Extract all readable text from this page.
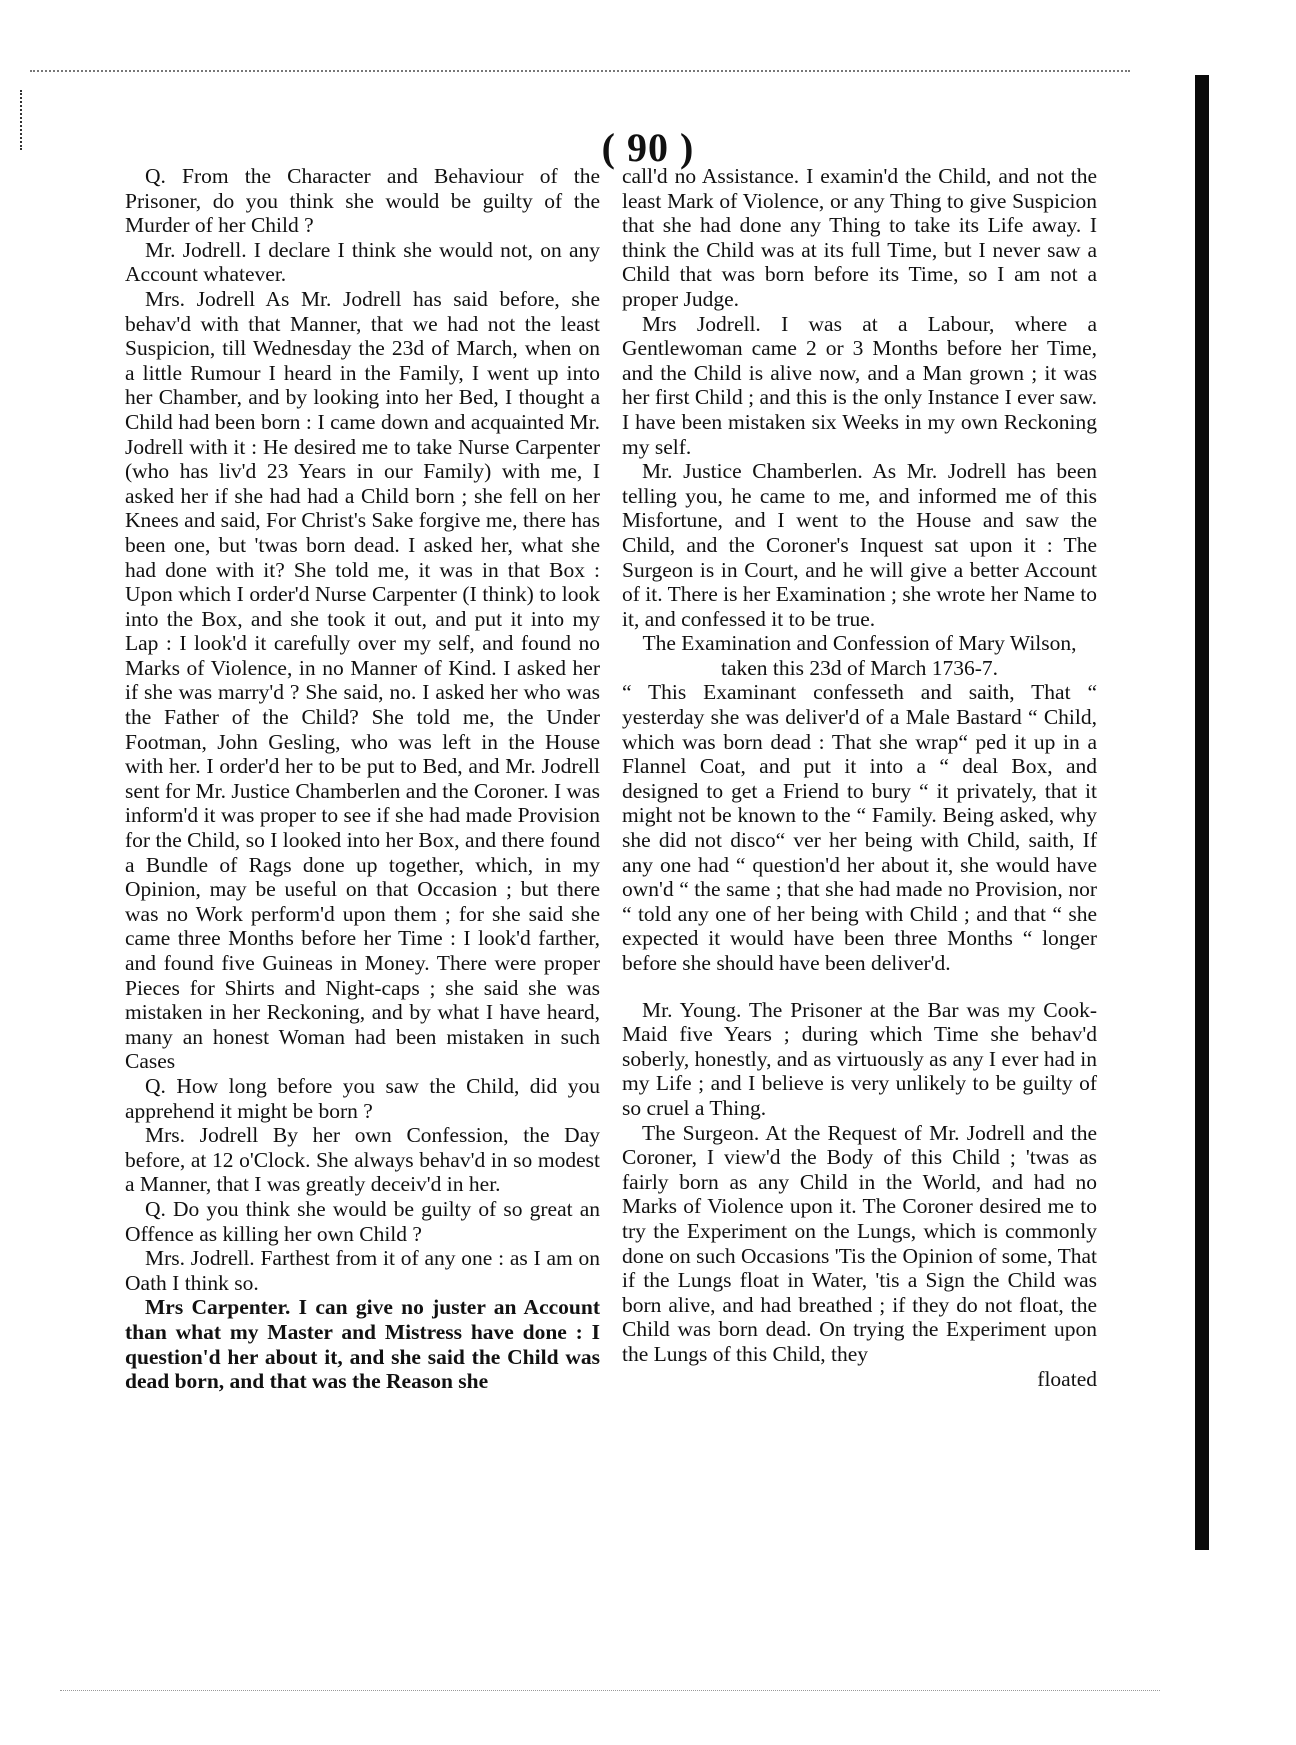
( 90 )

Q. From the Character and Behaviour of the Prisoner, do you think she would be guilty of the Murder of her Child ?

Mr. Jodrell. I declare I think she would not, on any Account whatever.

Mrs. Jodrell As Mr. Jodrell has said before, she behav'd with that Manner, that we had not the least Suspicion, till Wednesday the 23d of March, when on a little Rumour I heard in the Family, I went up into her Chamber, and by looking into her Bed, I thought a Child had been born : I came down and acquainted Mr. Jodrell with it : He desired me to take Nurse Carpenter (who has liv'd 23 Years in our Family) with me, I asked her if she had had a Child born ; she fell on her Knees and said, For Christ's Sake forgive me, there has been one, but 'twas born dead. I asked her, what she had done with it? She told me, it was in that Box : Upon which I order'd Nurse Carpenter (I think) to look into the Box, and she took it out, and put it into my Lap : I look'd it carefully over my self, and found no Marks of Violence, in no Manner of Kind. I asked her if she was marry'd ? She said, no. I asked her who was the Father of the Child? She told me, the Under Footman, John Gesling, who was left in the House with her. I order'd her to be put to Bed, and Mr. Jodrell sent for Mr. Justice Chamberlen and the Coroner. I was inform'd it was proper to see if she had made Provision for the Child, so I looked into her Box, and there found a Bundle of Rags done up together, which, in my Opinion, may be useful on that Occasion ; but there was no Work perform'd upon them ; for she said she came three Months before her Time : I look'd farther, and found five Guineas in Money. There were proper Pieces for Shirts and Night-caps ; she said she was mistaken in her Reckoning, and by what I have heard, many an honest Woman had been mistaken in such Cases

Q. How long before you saw the Child, did you apprehend it might be born ?

Mrs. Jodrell By her own Confession, the Day before, at 12 o'Clock. She always behav'd in so modest a Manner, that I was greatly deceiv'd in her.

Q. Do you think she would be guilty of so great an Offence as killing her own Child ?

Mrs. Jodrell. Farthest from it of any one : as I am on Oath I think so.

Mrs Carpenter. I can give no juster an Account than what my Master and Mistress have done : I question'd her about it, and she said the Child was dead born, and that was the Reason she

call'd no Assistance. I examin'd the Child, and not the least Mark of Violence, or any Thing to give Suspicion that she had done any Thing to take its Life away. I think the Child was at its full Time, but I never saw a Child that was born before its Time, so I am not a proper Judge.

Mrs Jodrell. I was at a Labour, where a Gentlewoman came 2 or 3 Months before her Time, and the Child is alive now, and a Man grown ; it was her first Child ; and this is the only Instance I ever saw. I have been mistaken six Weeks in my own Reckoning my self.

Mr. Justice Chamberlen. As Mr. Jodrell has been telling you, he came to me, and informed me of this Misfortune, and I went to the House and saw the Child, and the Coroner's Inquest sat upon it : The Surgeon is in Court, and he will give a better Account of it. There is her Examination ; she wrote her Name to it, and confessed it to be true.

The Examination and Confession of Mary Wilson, taken this 23d of March 1736-7.

“ This Examinant confesseth and saith, That “ yesterday she was deliver'd of a Male Bastard “ Child, which was born dead : That she wrap“ ped it up in a Flannel Coat, and put it into a “ deal Box, and designed to get a Friend to bury “ it privately, that it might not be known to the “ Family. Being asked, why she did not disco“ ver her being with Child, saith, If any one had “ question'd her about it, she would have own'd “ the same ; that she had made no Provision, nor “ told any one of her being with Child ; and that “ she expected it would have been three Months “ longer before she should have been deliver'd.

Mr. Young. The Prisoner at the Bar was my Cook-Maid five Years ; during which Time she behav'd soberly, honestly, and as virtuously as any I ever had in my Life ; and I believe is very unlikely to be guilty of so cruel a Thing.

The Surgeon. At the Request of Mr. Jodrell and the Coroner, I view'd the Body of this Child ; 'twas as fairly born as any Child in the World, and had no Marks of Violence upon it. The Coroner desired me to try the Experiment on the Lungs, which is commonly done on such Occasions 'Tis the Opinion of some, That if the Lungs float in Water, 'tis a Sign the Child was born alive, and had breathed ; if they do not float, the Child was born dead. On trying the Experiment upon the Lungs of this Child, they

floated
